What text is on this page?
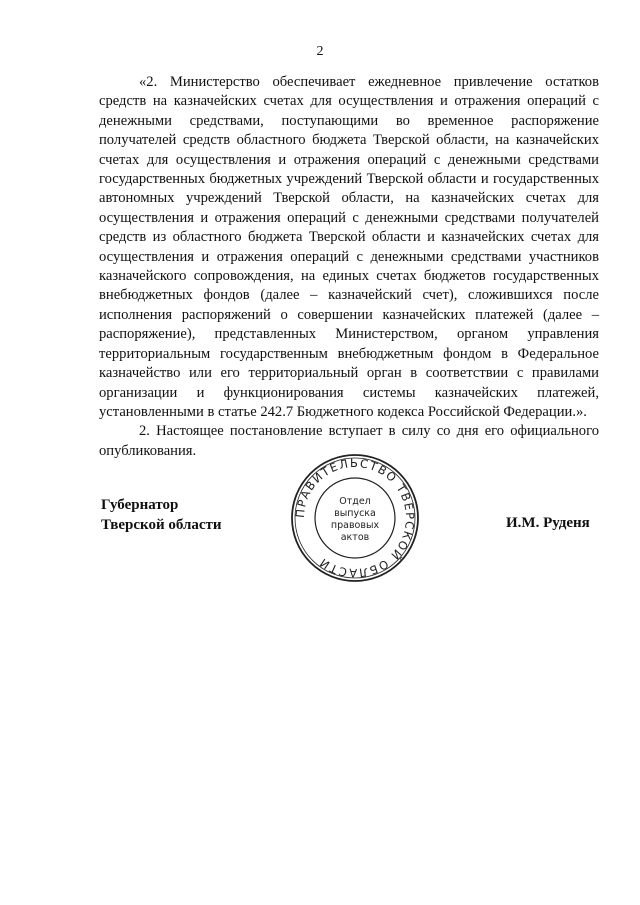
2

«2. Министерство обеспечивает ежедневное привлечение остатков средств на казначейских счетах для осуществления и отражения операций с денежными средствами, поступающими во временное распоряжение получателей средств областного бюджета Тверской области, на казначейских счетах для осуществления и отражения операций с денежными средствами государственных бюджетных учреждений Тверской области и государственных автономных учреждений Тверской области, на казначейских счетах для осуществления и отражения операций с денежными средствами получателей средств из областного бюджета Тверской области и казначейских счетах для осуществления и отражения операций с денежными средствами участников казначейского сопровождения, на единых счетах бюджетов государственных внебюджетных фондов (далее – казначейский счет), сложившихся после исполнения распоряжений о совершении казначейских платежей (далее – распоряжение), представленных Министерством, органом управления территориальным государственным внебюджетным фондом в Федеральное казначейство или его территориальный орган в соответствии с правилами организации и функционирования системы казначейских платежей, установленными в статье 242.7 Бюджетного кодекса Российской Федерации.».

2. Настоящее постановление вступает в силу со дня его официального опубликования.

Губернатор
Тверской области
ПРАВИТЕЛЬСТВО ТВЕРСКОЙ ОБЛАСТИ
Отдел
выпуска
правовых
актов
И.М. Руденя
